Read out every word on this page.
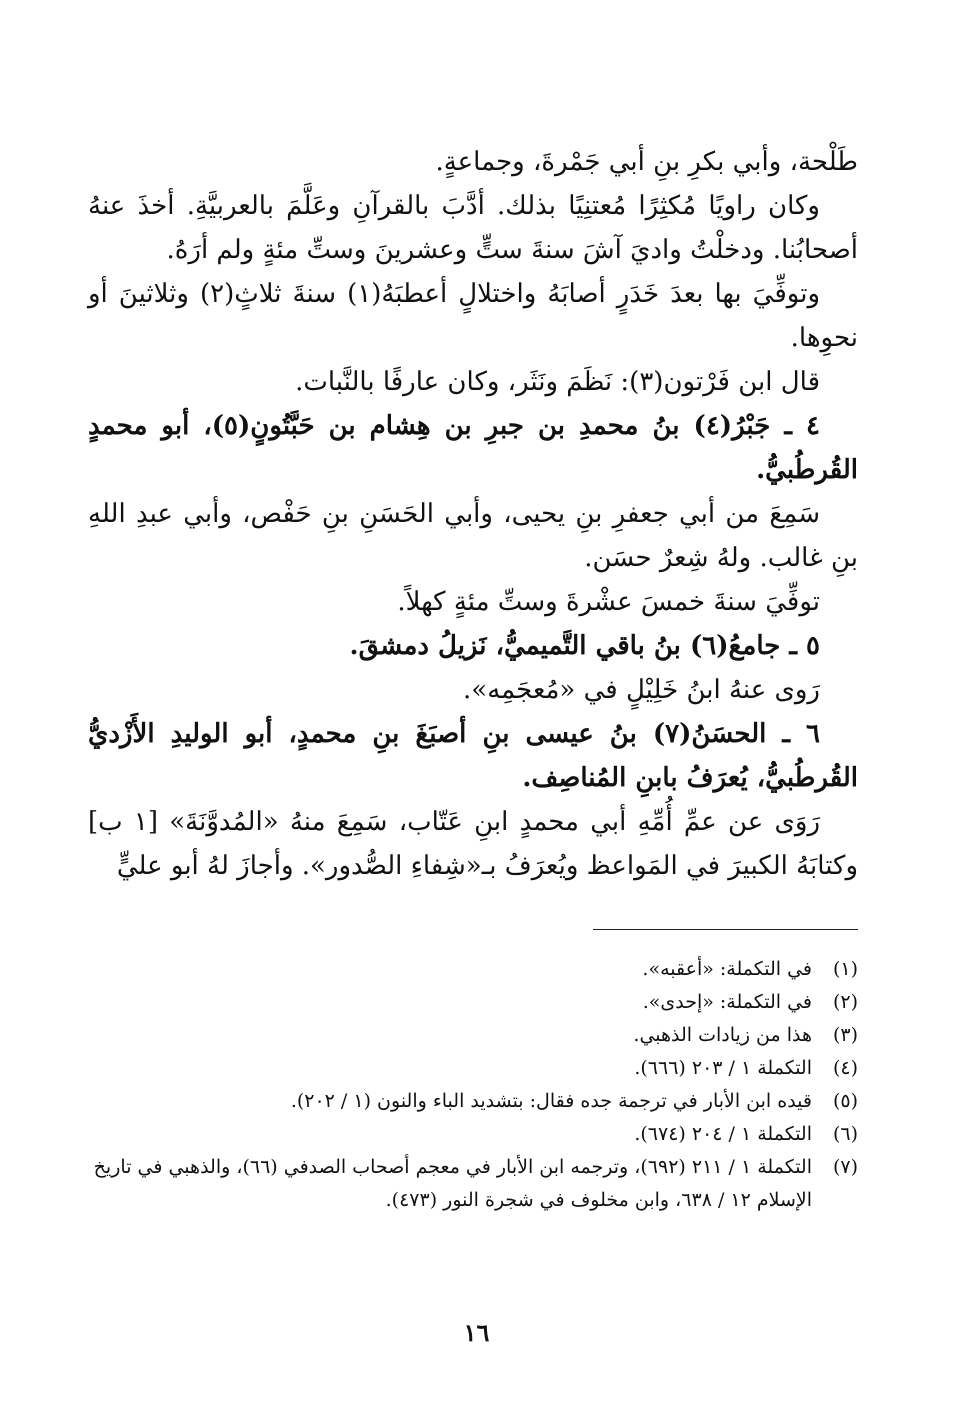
طَلْحة، وأبي بكرِ بنِ أبي جَمْرةَ، وجماعةٍ.

وكان راويًا مُكثِرًا مُعتنِيًا بذلك. أدَّبَ بالقرآنِ وعَلَّمَ بالعربيَّةِ. أخذَ عنهُ أصحابُنا. ودخلْتُ واديَ آشَ سنةَ ستٍّ وعشرينَ وستِّ مئةٍ ولم أرَهُ.

وتوفِّيَ بها بعدَ خَدَرٍ أصابَهُ واختلالٍ أعطبَهُ(١) سنةَ ثلاثٍ(٢) وثلاثينَ أو نحوِها.

قال ابن فَرْتون(٣): نَظَمَ ونَثَر، وكان عارفًا بالنَّبات.

٤ ـ جَبْرُ(٤) بنُ محمدِ بن جبرِ بن هِشام بن حَبَّتُونٍ(٥)، أبو محمدٍ القُرطُبيُّ.

سَمِعَ من أبي جعفرِ بنِ يحيى، وأبي الحَسَنِ بنِ حَفْص، وأبي عبدِ اللهِ بنِ غالب. ولهُ شِعرٌ حسَن.

توفِّيَ سنةَ خمسَ عشْرةَ وستِّ مئةٍ كهلاً.

٥ ـ جامعُ(٦) بنُ باقي التَّميميُّ، نَزيلُ دمشقَ.

رَوى عنهُ ابنُ خَلِيْلٍ في «مُعجَمِه».

٦ ـ الحسَنُ(٧) بنُ عيسى بنِ أصبَغَ بنِ محمدٍ، أبو الوليدِ الأَزْديُّ القُرطُبيُّ، يُعرَفُ بابنِ المُناصِف.

رَوَى عن عمِّ أُمِّهِ أبي محمدٍ ابنِ عَتّاب، سَمِعَ منهُ «المُدوَّنَةَ» [١ ب] وكتابَهُ الكبيرَ في المَواعظ ويُعرَفُ بـ«شِفاءِ الصُّدور». وأجازَ لهُ أبو عليٍّ

(١)
في التكملة: «أعقبه».
(٢)
في التكملة: «إحدى».
(٣)
هذا من زيادات الذهبي.
(٤)
التكملة ١ / ٢٠٣ (٦٦٦).
(٥)
قيده ابن الأبار في ترجمة جده فقال: بتشديد الباء والنون (١ / ٢٠٢).
(٦)
التكملة ١ / ٢٠٤ (٦٧٤).
(٧)
التكملة ١ / ٢١١ (٦٩٢)، وترجمه ابن الأبار في معجم أصحاب الصدفي (٦٦)، والذهبي في تاريخ الإسلام ١٢ / ٦٣٨، وابن مخلوف في شجرة النور (٤٧٣).
١٦
